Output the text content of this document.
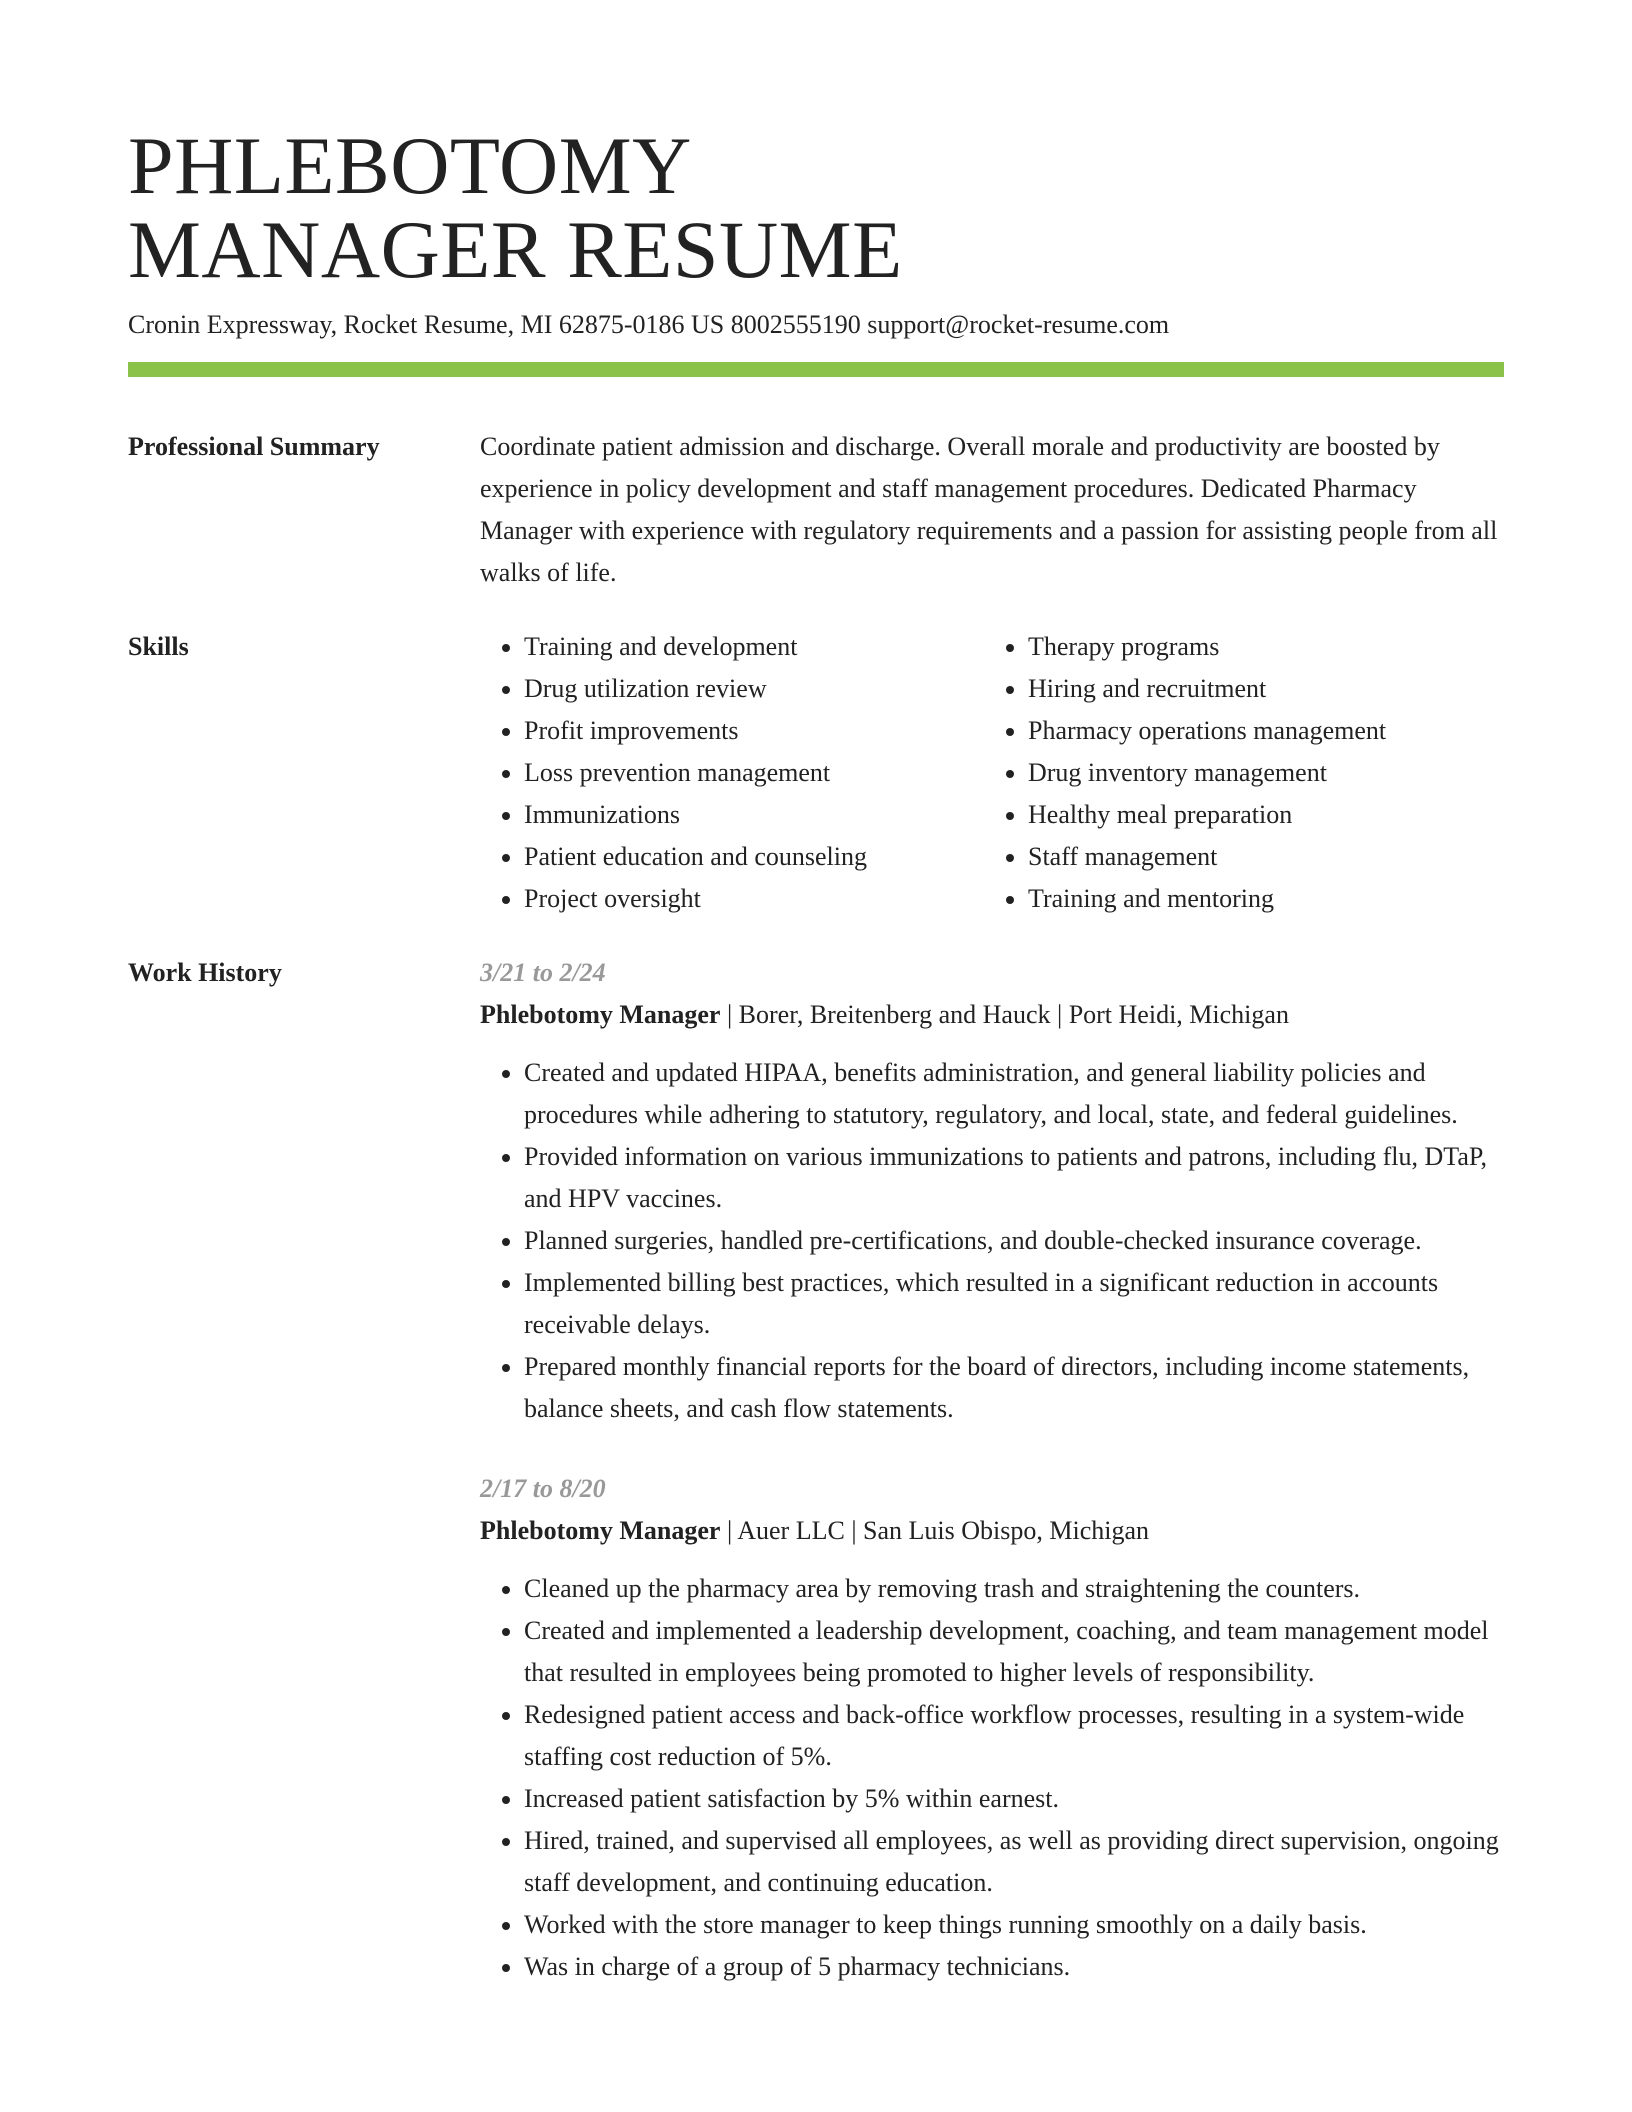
PHLEBOTOMY
MANAGER RESUME
Cronin Expressway, Rocket Resume, MI 62875-0186 US 8002555190 support@rocket-resume.com
Professional Summary	Coordinate patient admission and discharge. Overall morale and productivity are boosted by experience in policy development and staff management procedures. Dedicated Pharmacy Manager with experience with regulatory requirements and a passion for assisting people from all walks of life.

Skills
•	Training and development
• Drug utilization review
• Profit improvements
• Loss prevention management
• Immunizations
• Patient education and counseling
• Project oversight
• Therapy programs
• Hiring and recruitment
• Pharmacy operations management
• Drug inventory management
• Healthy meal preparation
• Staff management
• Training and mentoring
Work History	3/21 to 2/24
Phlebotomy Manager | Borer, Breitenberg and Hauck | Port Heidi, Michigan
• Created and updated HIPAA, benefits administration, and general liability policies and procedures while adhering to statutory, regulatory, and local, state, and federal guidelines.
• Provided information on various immunizations to patients and patrons, including flu, DTaP, and HPV vaccines.
• Planned surgeries, handled pre-certifications, and double-checked insurance coverage.
• Implemented billing best practices, which resulted in a significant reduction in accounts receivable delays.
• Prepared monthly financial reports for the board of directors, including income statements, balance sheets, and cash flow statements.
2/17 to 8/20
Phlebotomy Manager | Auer LLC | San Luis Obispo, Michigan
• Cleaned up the pharmacy area by removing trash and straightening the counters.
• Created and implemented a leadership development, coaching, and team management model that resulted in employees being promoted to higher levels of responsibility.
• Redesigned patient access and back-office workflow processes, resulting in a system-wide staffing cost reduction of 5%.
• Increased patient satisfaction by 5% within earnest.
• Hired, trained, and supervised all employees, as well as providing direct supervision, ongoing staff development, and continuing education.
• Worked with the store manager to keep things running smoothly on a daily basis.
• Was in charge of a group of 5 pharmacy technicians.
